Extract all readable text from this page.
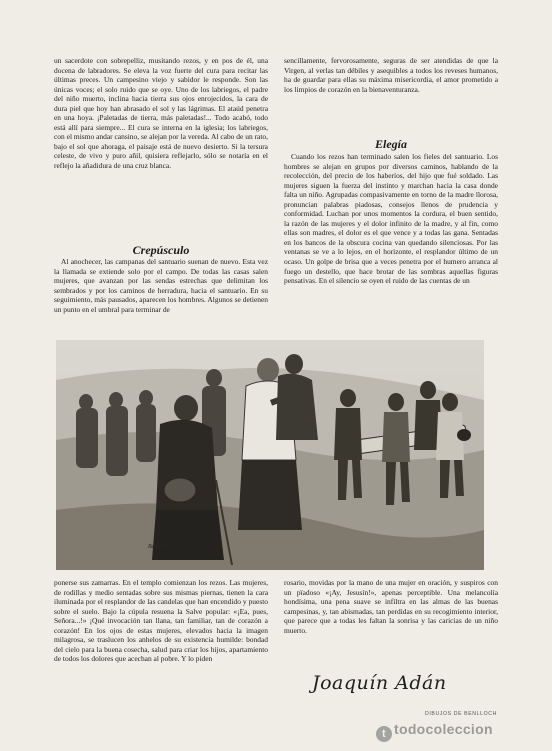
un sacerdote con sobrepelliz, musitando rezos, y en pos de él, una docena de labradores. Se eleva la voz fuerte del cura para recitar las últimas preces. Un campesino viejo y sabidor le responde. Son las únicas voces; el solo ruido que se oye. Uno de los labriegos, el padre del niño muerto, inclina hacia tierra sus ojos enrojecidos, la cara de dura piel que hoy han abrasado el sol y las lágrimas. El ataúd penetra en una hoya. ¡Paletadas de tierra, más paletadas!... Todo acabó, todo está allí para siempre... El cura se interna en la iglesia; los labriegos, con el mismo andar cansino, se alejan por la vereda. Al cabo de un rato, bajo el sol que ahoraga, el paisaje está de nuevo desierto. Si la tersura celeste, de vivo y puro añil, quisiera reflejarlo, sólo se notaría en el reflejo la añadidura de una cruz blanca.

Crepúsculo

Al anochecer, las campanas del santuario suenan de nuevo. Esta vez la llamada se extiende solo por el campo. De todas las casas salen mujeres, que avanzan por las sendas estrechas que delimitan los sembrados y por los caminos de herradura, hacia el santuario. En su seguimiento, más pausados, aparecen los hombres. Algunos se detienen un punto en el umbral para terminar de

sencillamente, fervorosamente, seguras de ser atendidas de que la Virgen, al verlas tan débiles y asequibles a todos los reveses humanos, ha de guardar para ellas su máxima misericordia, el amor prometido a los limpios de corazón en la bienaventuranza.

Elegía

Cuando los rezos han terminado salen los fieles del santuario. Los hombres se alejan en grupos por diversos caminos, hablando de la recolección, del precio de los haberíos, del hijo que fué soldado. Las mujeres siguen la fuerza del instinto y marchan hacia la casa donde falta un niño. Agrupadas compasivamente en torno de la madre llorosa, pronuncian palabras piadosas, consejos llenos de prudencia y conformidad. Luchan por unos momentos la cordura, el buen sentido, la razón de las mujeres y el dolor infinito de la madre, y al fin, como ellas son madres, el dolor es el que vence y a todas las gana. Sentadas en los bancos de la obscura cocina van quedando silenciosas. Por las ventanas se ve a lo lejos, en el horizonte, el resplandor último de un ocaso. Un golpe de brisa que a veces penetra por el humero arranca al fuego un destello, que hace brotar de las sombras aquellas figuras pensativas. En el silencio se oyen el ruido de las cuentas de un

Benlloch

ponerse sus zamarras. En el templo comienzan los rezos. Las mujeres, de rodillas y medio sentadas sobre sus mismas piernas, tienen la cara iluminada por el resplandor de las candelas que han encendido y puesto sobre el suelo. Bajo la cúpula resuena la Salve popular: «¡Ea, pues, Señora...!» ¡Qué invocación tan llana, tan familiar, tan de corazón a corazón! En los ojos de estas mujeres, elevados hacia la imagen milagrosa, se traslucen los anhelos de su existencia humilde: bondad del cielo para la buena cosecha, salud para criar los hijos, apartamiento de todos los dolores que acechan al pobre. Y lo piden

rosario, movidas por la mano de una mujer en oración, y suspiros con un pïadoso «¡Ay, Jesusín!», apenas perceptible. Una melancolía hondísima, una pena suave se infiltra en las almas de las buenas campesinas, y, tan abismadas, tan perdidas en su recogimiento interior, que parece que a todas les faltan la sonrisa y las caricias de un niño muerto.

Joaquín Adán
DIBUJOS DE BENLLOCH
t todocoleccion
